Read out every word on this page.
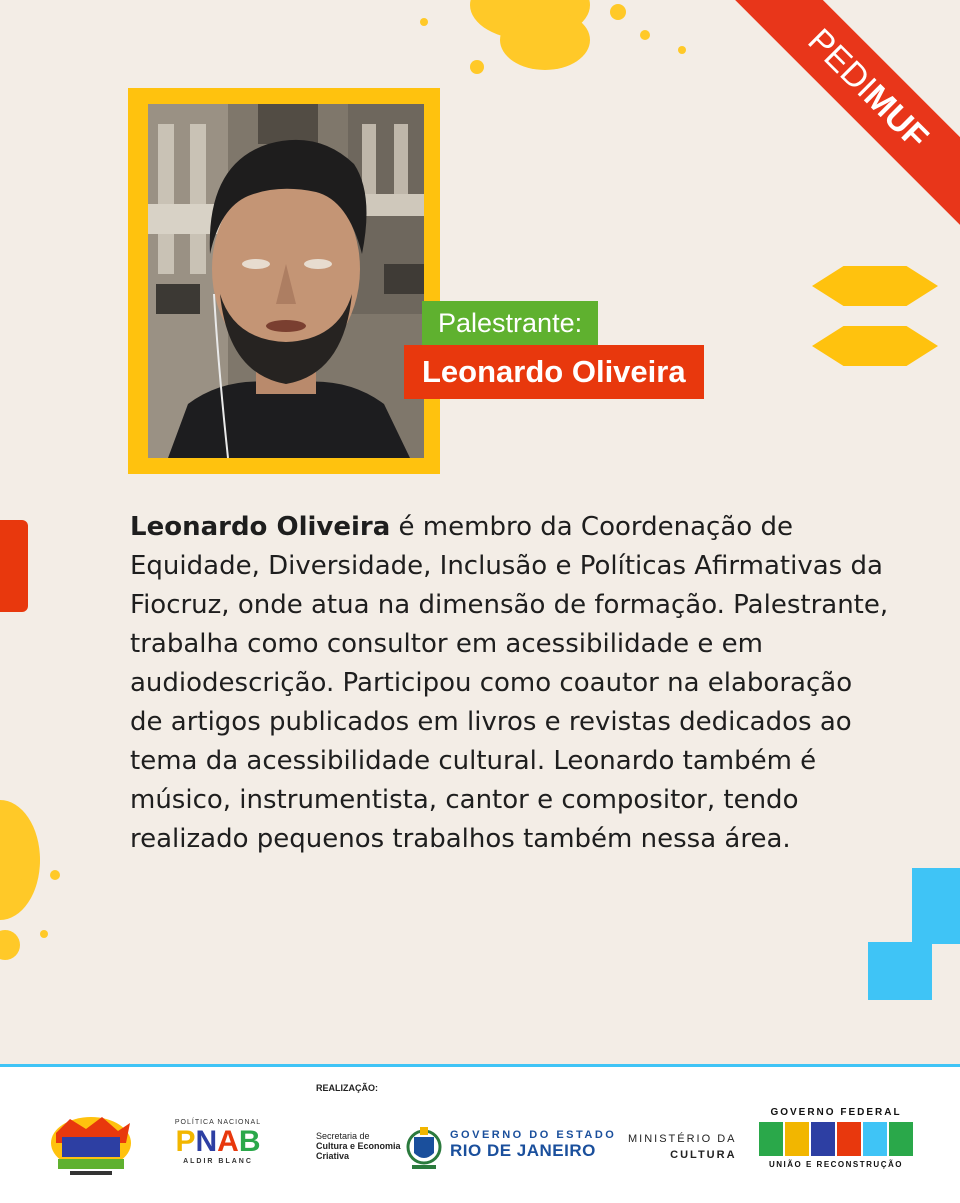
PEDI
MUF
Palestrante:
Leonardo Oliveira
Leonardo Oliveira é membro da Coordenação de Equidade, Diversidade, Inclusão e Políticas Afirmativas da Fiocruz, onde atua na dimensão de formação. Palestrante, trabalha como consultor em acessibilidade e em audiodescrição. Participou como coautor na elaboração de artigos publicados em livros e revistas dedicados ao tema da acessibilidade cultural. Leonardo também é músico, instrumentista, cantor e compositor, tendo realizado pequenos trabalhos também nessa área.
REALIZAÇÃO:
POLÍTICA NACIONAL
PNAB
ALDIR BLANC
Secretaria de
Cultura e Economia
Criativa
GOVERNO DO ESTADO
RIO DE JANEIRO
MINISTÉRIO DA
CULTURA
GOVERNO FEDERAL
UNIÃO E RECONSTRUÇÃO
